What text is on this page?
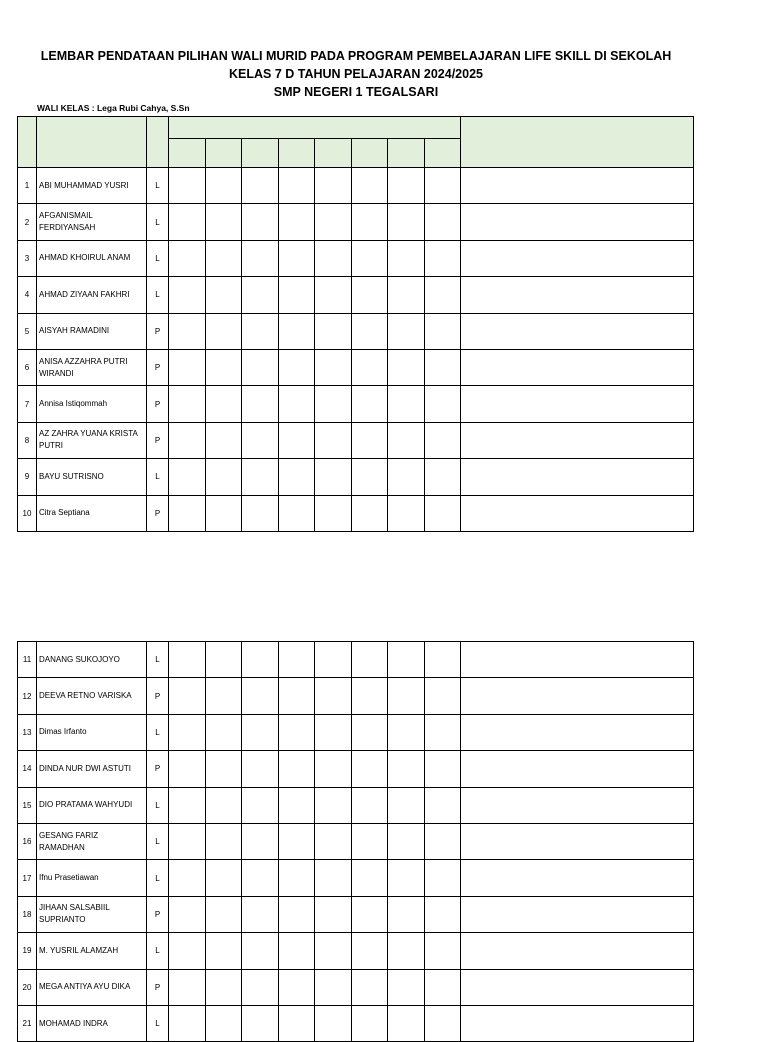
LEMBAR PENDATAAN PILIHAN WALI MURID PADA PROGRAM PEMBELAJARAN LIFE SKILL DI SEKOLAH
KELAS 7 D TAHUN PELAJARAN 2024/2025
SMP NEGERI 1 TEGALSARI
WALI KELAS : Lega Rubi Cahya, S.Sn

1	ABI MUHAMMAD YUSRI	L									
2	AFGANISMAIL FERDIYANSAH	L									
3	AHMAD KHOIRUL ANAM	L									
4	AHMAD ZIYAAN FAKHRI	L									
5	AISYAH RAMADINI	P									
6	ANISA AZZAHRA PUTRI WIRANDI	P									
7	Annisa Istiqommah	P									
8	AZ ZAHRA YUANA KRISTA PUTRI	P									
9	BAYU SUTRISNO	L									
10	Citra Septiana	P									
11	DANANG SUKOJOYO	L									
12	DEEVA RETNO VARISKA	P									
13	Dimas Irfanto	L									
14	DINDA NUR DWI ASTUTI	P									
15	DIO PRATAMA WAHYUDI	L									
16	GESANG FARIZ RAMADHAN	L									
17	Ifnu Prasetiawan	L									
18	JIHAAN SALSABIIL SUPRIANTO	P									
19	M. YUSRIL ALAMZAH	L									
20	MEGA ANTIYA AYU DIKA	P									
21	MOHAMAD INDRA	L									
